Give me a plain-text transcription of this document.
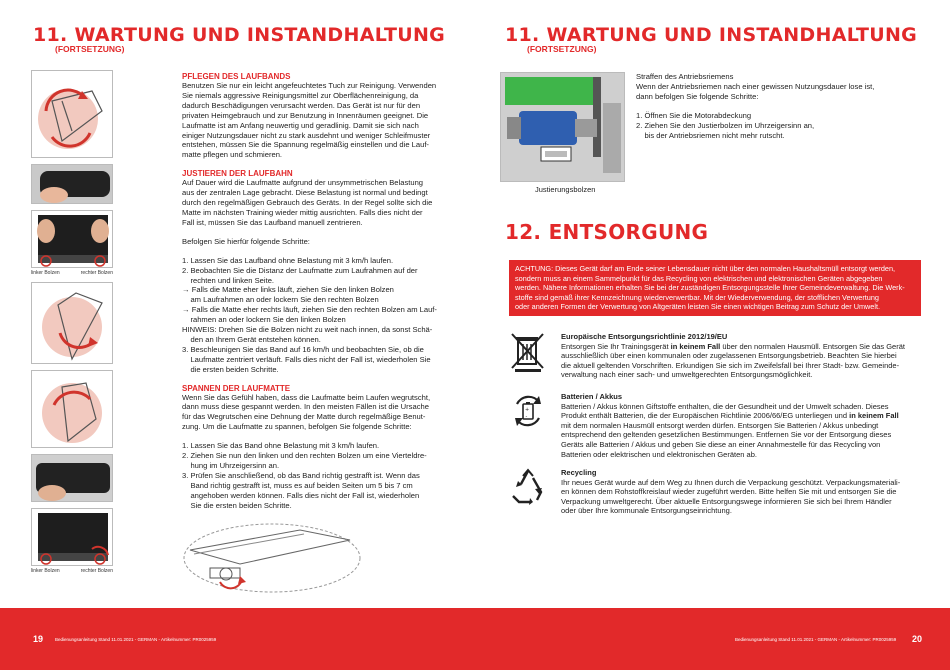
11. WARTUNG UND INSTANDHALTUNG
(FORTSETZUNG)
linker Bolzen	rechter Bolzen
linker Bolzen	rechter Bolzen
PFLEGEN DES LAUFBANDS
Benutzen Sie nur ein leicht angefeuchtetes Tuch zur Reinigung. Verwenden
Sie niemals aggressive Reinigungsmittel zur Oberflächenreinigung, da
dadurch Beschädigungen verursacht werden. Das Gerät ist nur für den
privaten Heimgebrauch und zur Benutzung in Innenräumen geeignet. Die
Laufmatte ist am Anfang neuwertig und geradlinig. Damit sie sich nach
einiger Nutzungsdauer nicht zu stark ausdehnt und weniger Schleifmuster
entstehen, müssen Sie die Spannung regelmäßig einstellen und die Lauf-
matte pflegen und schmieren.
JUSTIEREN DER LAUFBAHN
Auf Dauer wird die Laufmatte aufgrund der unsymmetrischen Belastung
aus der zentralen Lage gebracht. Diese Belastung ist normal und bedingt
durch den regelmäßigen Gebrauch des Geräts. In der Regel sollte sich die
Matte im nächsten Training wieder mittig ausrichten. Falls dies nicht der
Fall ist, müssen Sie das Laufband manuell zentrieren.
Befolgen Sie hierfür folgende Schritte:
1. Lassen Sie das Laufband ohne Belastung mit 3 km/h laufen.
2. Beobachten Sie die Distanz der Laufmatte zum Laufrahmen auf der
rechten und linken Seite.
→ Falls die Matte eher links läuft, ziehen Sie den linken Bolzen
am Laufrahmen an oder lockern Sie den rechten Bolzen
→ Falls die Matte eher rechts läuft, ziehen Sie den rechten Bolzen am Lauf-
rahmen an oder lockern Sie den linken Bolzen
HINWEIS: Drehen Sie die Bolzen nicht zu weit nach innen, da sonst Schä-
den an Ihrem Gerät entstehen können.
3. Beschleunigen Sie das Band auf 16 km/h und beobachten Sie, ob die
Laufmatte zentriert verläuft. Falls dies nicht der Fall ist, wiederholen Sie
die ersten beiden Schritte.
SPANNEN DER LAUFMATTE
Wenn Sie das Gefühl haben, dass die Laufmatte beim Laufen wegrutscht,
dann muss diese gespannt werden. In den meisten Fällen ist die Ursache
für das Wegrutschen eine Dehnung der Matte durch regelmäßige Benut-
zung. Um die Laufmatte zu spannen, befolgen Sie folgende Schritte:
1. Lassen Sie das Band ohne Belastung mit 3 km/h laufen.
2. Ziehen Sie nun den linken und den rechten Bolzen um eine Vierteldre-
hung im Uhrzeigersinn an.
3. Prüfen Sie anschließend, ob das Band richtig gestrafft ist. Wenn das
Band richtig gestrafft ist, muss es auf beiden Seiten um 5 bis 7 cm
angehoben werden können. Falls dies nicht der Fall ist, wiederholen
Sie die ersten beiden Schritte.
11. WARTUNG UND INSTANDHALTUNG
(FORTSETZUNG)
Justierungsbolzen
Straffen des Antriebsriemens
Wenn der Antriebsriemen nach einer gewissen Nutzungsdauer lose ist,
dann befolgen Sie folgende Schritte:
1. Öffnen Sie die Motorabdeckung
2. Ziehen Sie den Justierbolzen im Uhrzeigersinn an,
bis der Antriebsriemen nicht mehr rutscht.
12. ENTSORGUNG
ACHTUNG: Dieses Gerät darf am Ende seiner Lebensdauer nicht über den normalen Haushaltsmüll entsorgt werden,
sondern muss an einem Sammelpunkt für das Recycling von elektrischen und elektronischen Geräten abgegeben
werden. Nähere Informationen erhalten Sie bei der zuständigen Entsorgungsstelle Ihrer Gemeindeverwaltung. Die Werk-
stoffe sind gemäß ihrer Kennzeichnung wiederverwertbar. Mit der Wiederverwendung, der stofflichen Verwertung
oder anderen Formen der Verwertung von Altgeräten leisten Sie einen wichtigen Beitrag zum Schutz der Umwelt.
Europäische Entsorgungsrichtlinie 2012/19/EU
Entsorgen Sie Ihr Trainingsgerät in keinem Fall über den normalen Hausmüll. Entsorgen Sie das Gerät

ausschließlich über einen kommunalen oder zugelassenen Entsorgungsbetrieb. Beachten Sie hierbei
die aktuell geltenden Vorschriften. Erkundigen Sie sich im Zweifelsfall bei Ihrer Stadt- bzw. Gemeinde-
verwaltung nach einer sach- und umweltgerechten Entsorgungsmöglichkeit.
+
-
Batterien / Akkus
Batterien / Akkus können Giftstoffe enthalten, die der Gesundheit und der Umwelt schaden. Dieses
Produkt enthält Batterien, die der Europäischen Richtlinie 2006/66/EG unterliegen und in keinem Fall

mit dem normalen Hausmüll entsorgt werden dürfen. Entsorgen Sie Batterien / Akkus unbedingt
entsprechend den geltenden gesetzlichen Bestimmungen. Entfernen Sie vor der Entsorgung dieses
Geräts alle Batterien / Akkus und geben Sie diese an einer Annahmestelle für das Recycling von
Batterien oder elektrischen und elektronischen Geräten ab.
Recycling

Ihr neues Gerät wurde auf dem Weg zu Ihnen durch die Verpackung geschützt. Verpackungsmateriali-
en können dem Rohstoffkreislauf wieder zugeführt werden. Bitte helfen Sie mit und entsorgen Sie die
Verpackung umweltgerecht. Über aktuelle Entsorgungswege informieren Sie sich bei Ihrem Händler
oder über Ihre kommunale Entsorgungseinrichtung.
19	Bedienungsanleitung Stand 11.01.2021 - GERMAN - Artikelnummer: PR0025959	Bedienungsanleitung Stand 11.01.2021 - GERMAN - Artikelnummer: PR0025959 20
